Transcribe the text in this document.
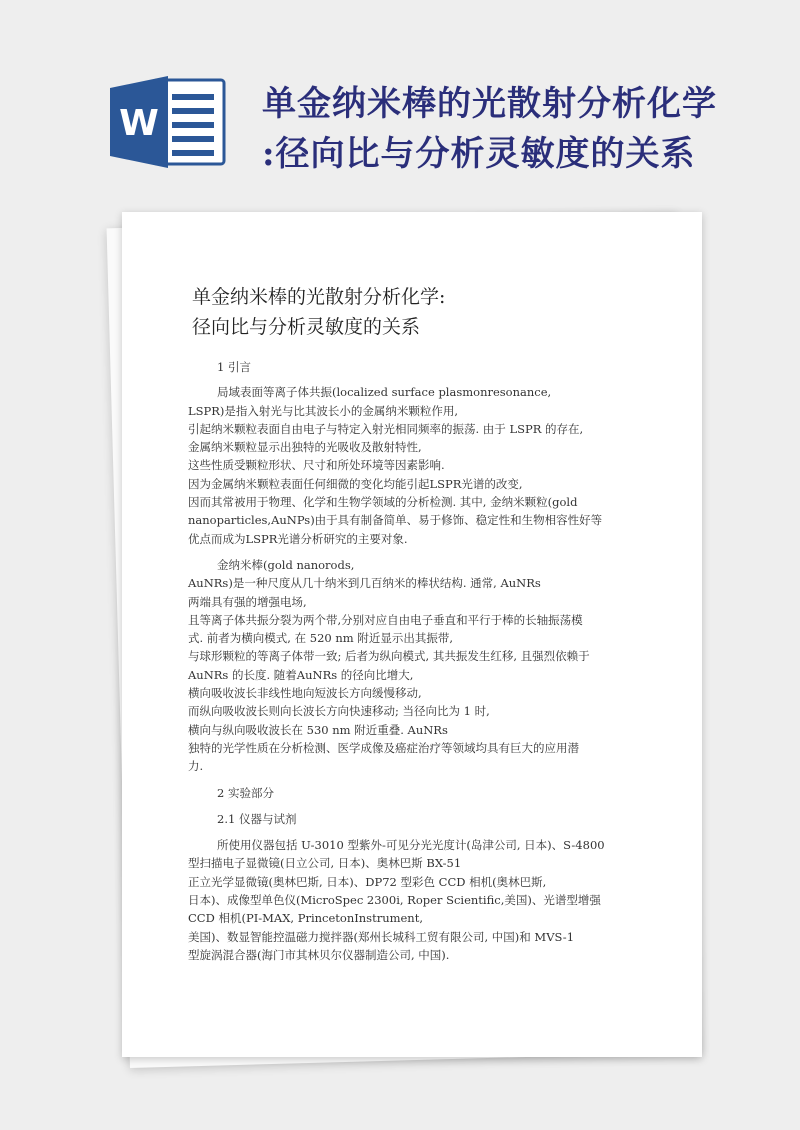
W	单金纳米棒的光散射分析化学
:径向比与分析灵敏度的关系
单金纳米棒的光散射分析化学:
径向比与分析灵敏度的关系
1 引言
局域表面等离子体共振(localized surface plasmonresonance,
LSPR)是指入射光与比其波长小的金属纳米颗粒作用,
引起纳米颗粒表面自由电子与特定入射光相同频率的振荡. 由于 LSPR 的存在,
金属纳米颗粒显示出独特的光吸收及散射特性,
这些性质受颗粒形状、尺寸和所处环境等因素影响.
因为金属纳米颗粒表面任何细微的变化均能引起LSPR光谱的改变,
因而其常被用于物理、化学和生物学领域的分析检测. 其中, 金纳米颗粒(gold
nanoparticles,AuNPs)由于具有制备简单、易于修饰、稳定性和生物相容性好等
优点而成为LSPR光谱分析研究的主要对象.
金纳米棒(gold nanorods,
AuNRs)是一种尺度从几十纳米到几百纳米的棒状结构. 通常, AuNRs
两端具有强的增强电场,
且等离子体共振分裂为两个带,分别对应自由电子垂直和平行于棒的长轴振荡模
式. 前者为横向模式, 在 520 nm 附近显示出其振带,
与球形颗粒的等离子体带一致; 后者为纵向模式, 其共振发生红移, 且强烈依赖于
AuNRs 的长度. 随着AuNRs 的径向比增大,
横向吸收波长非线性地向短波长方向缓慢移动,
而纵向吸收波长则向长波长方向快速移动; 当径向比为 1 时,
横向与纵向吸收波长在 530 nm 附近重叠. AuNRs
独特的光学性质在分析检测、医学成像及癌症治疗等领域均具有巨大的应用潜
力.
2 实验部分
2.1 仪器与试剂
所使用仪器包括 U-3010 型紫外-可见分光光度计(岛津公司, 日本)、S-4800
型扫描电子显微镜(日立公司, 日本)、奥林巴斯 BX-51
正立光学显微镜(奥林巴斯, 日本)、DP72 型彩色 CCD 相机(奥林巴斯,
日本)、成像型单色仪(MicroSpec 2300i, Roper Scientific,美国)、光谱型增强
CCD 相机(PI-MAX, PrincetonInstrument,
美国)、数显智能控温磁力搅拌器(郑州长城科工贸有限公司, 中国)和 MVS-1
型旋涡混合器(海门市其林贝尔仪器制造公司, 中国).
